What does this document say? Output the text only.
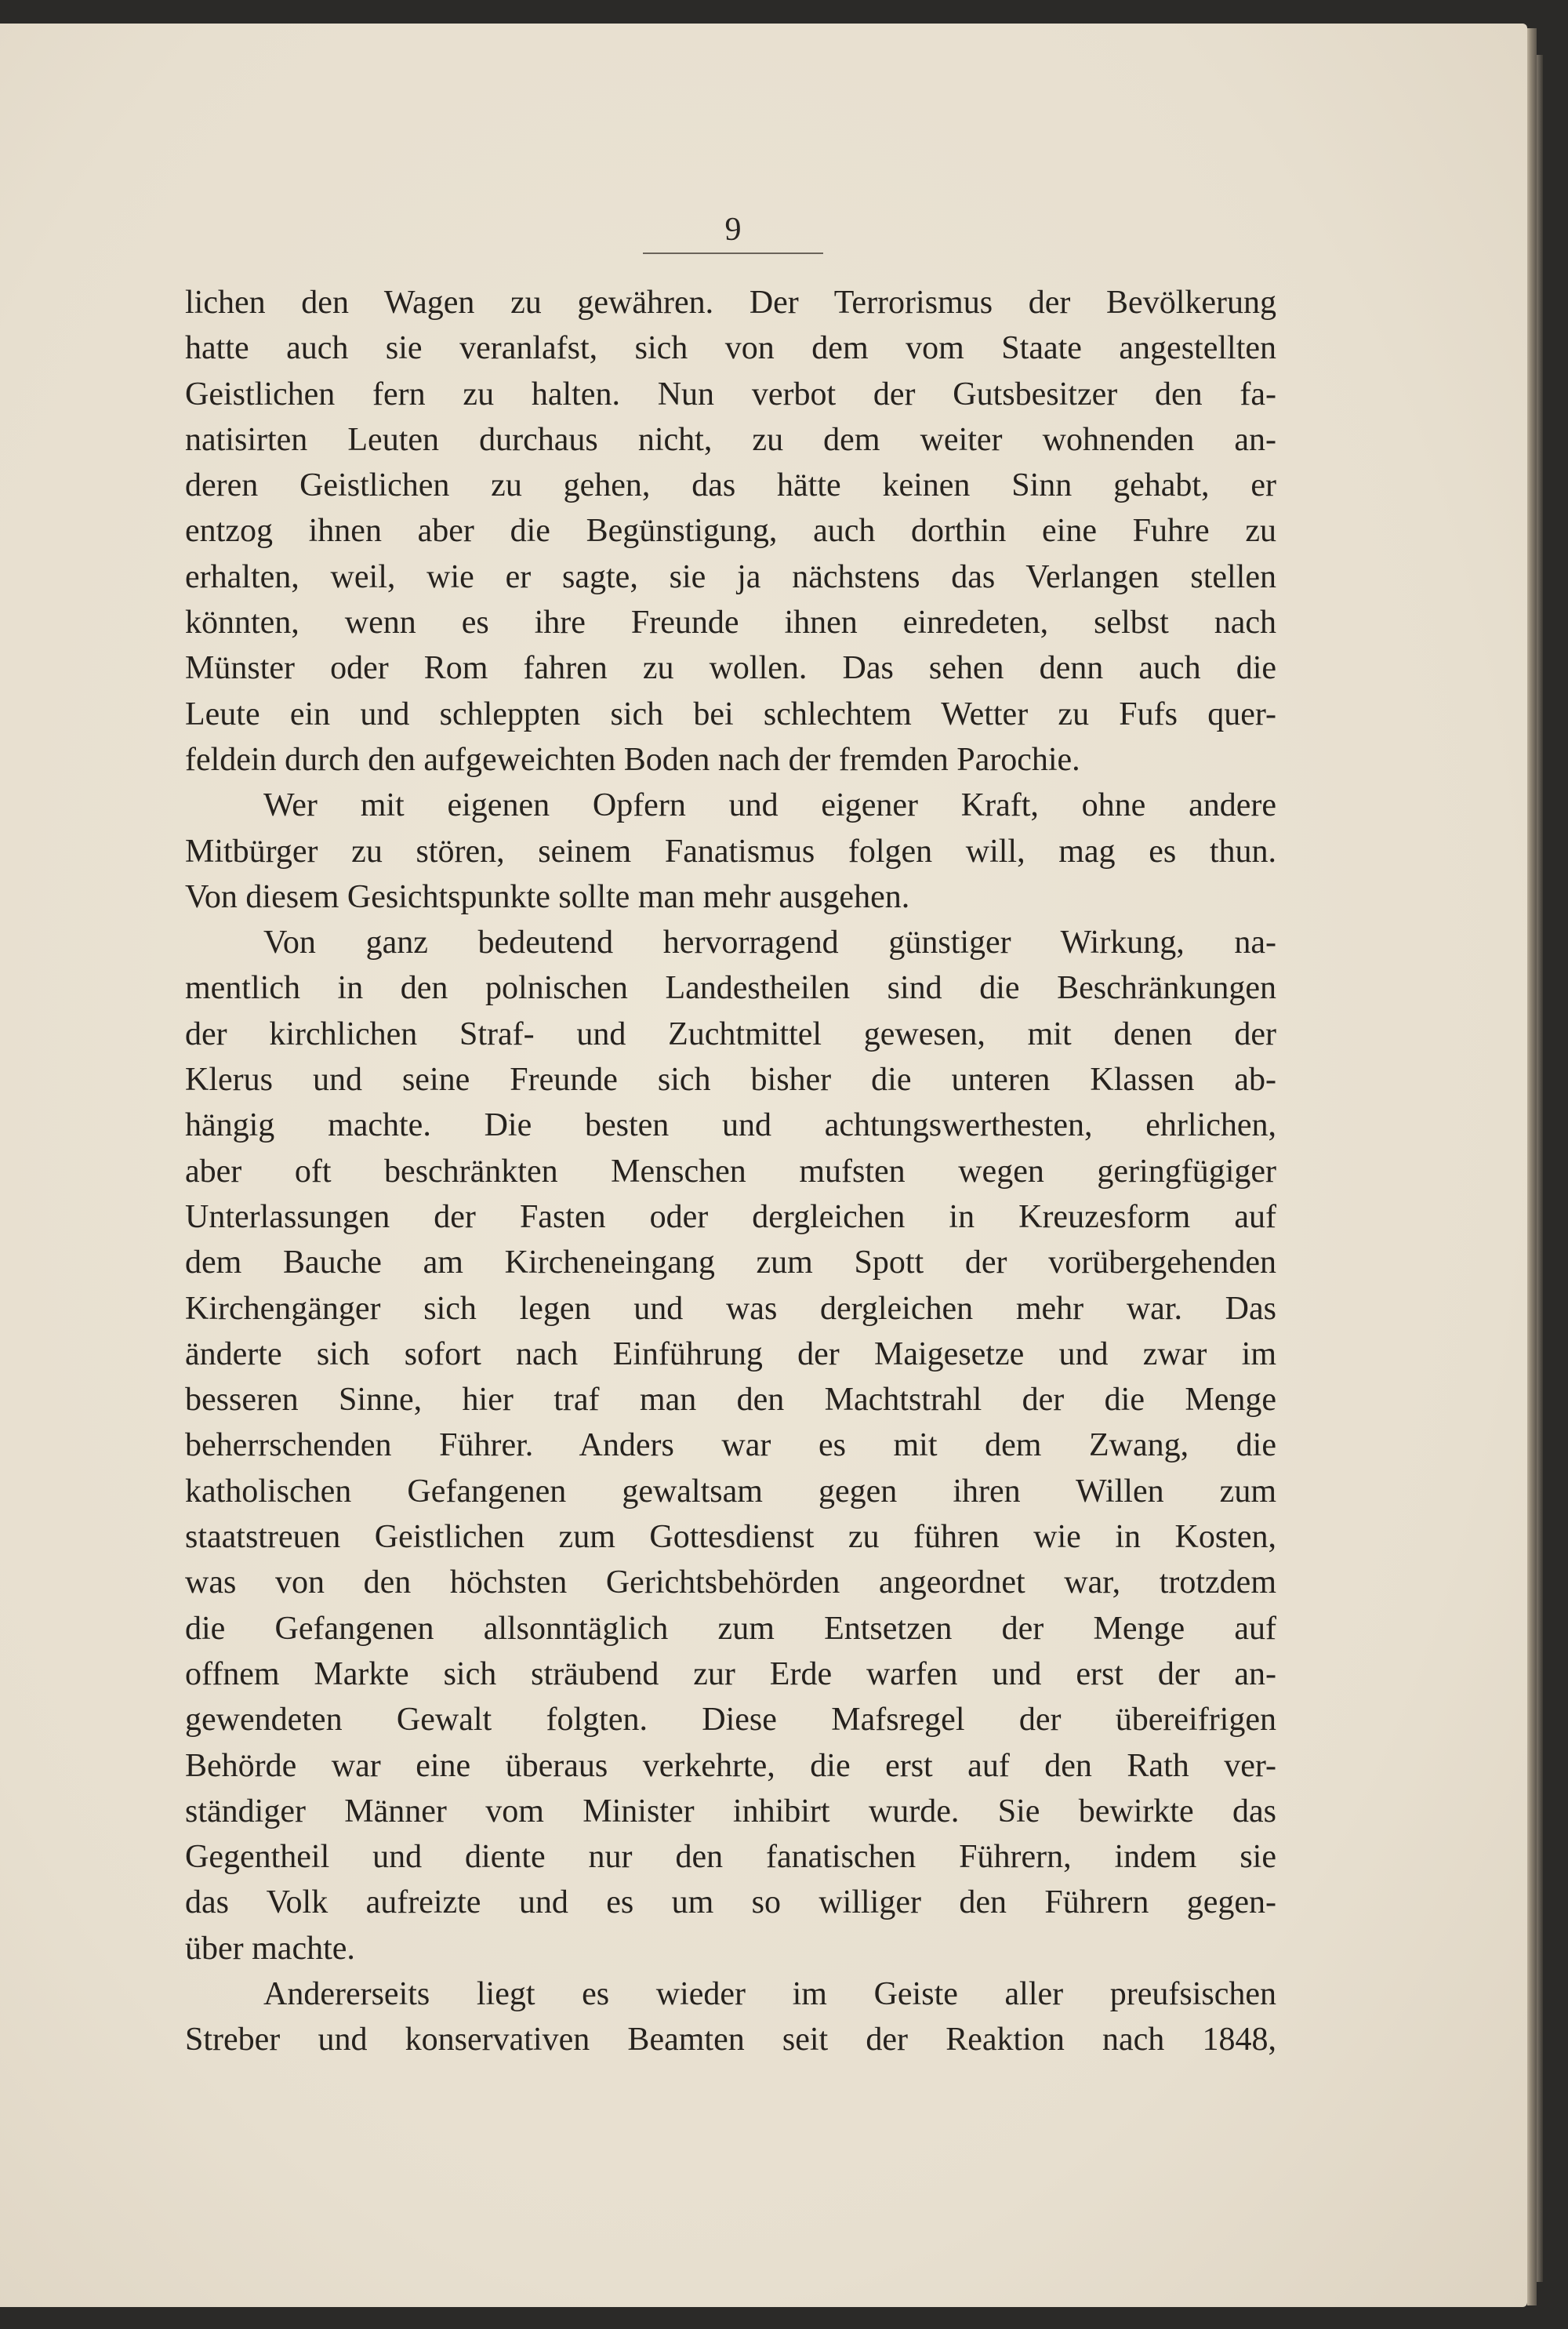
9
lichen den Wagen zu gewähren. Der Terrorismus der Bevölkerung
hatte auch sie veranlafst, sich von dem vom Staate angestellten
Geistlichen fern zu halten. Nun verbot der Gutsbesitzer den fa-
natisirten Leuten durchaus nicht, zu dem weiter wohnenden an-
deren Geistlichen zu gehen, das hätte keinen Sinn gehabt, er
entzog ihnen aber die Begünstigung, auch dorthin eine Fuhre zu
erhalten, weil, wie er sagte, sie ja nächstens das Verlangen stellen
könnten, wenn es ihre Freunde ihnen einredeten, selbst nach
Münster oder Rom fahren zu wollen. Das sehen denn auch die
Leute ein und schleppten sich bei schlechtem Wetter zu Fufs quer-
feldein durch den aufgeweichten Boden nach der fremden Parochie.
Wer mit eigenen Opfern und eigener Kraft, ohne andere
Mitbürger zu stören, seinem Fanatismus folgen will, mag es thun.
Von diesem Gesichtspunkte sollte man mehr ausgehen.
Von ganz bedeutend hervorragend günstiger Wirkung, na-
mentlich in den polnischen Landestheilen sind die Beschränkungen
der kirchlichen Straf- und Zuchtmittel gewesen, mit denen der
Klerus und seine Freunde sich bisher die unteren Klassen ab-
hängig machte. Die besten und achtungswerthesten, ehrlichen,
aber oft beschränkten Menschen mufsten wegen geringfügiger
Unterlassungen der Fasten oder dergleichen in Kreuzesform auf
dem Bauche am Kircheneingang zum Spott der vorübergehenden
Kirchengänger sich legen und was dergleichen mehr war. Das
änderte sich sofort nach Einführung der Maigesetze und zwar im
besseren Sinne, hier traf man den Machtstrahl der die Menge
beherrschenden Führer. Anders war es mit dem Zwang, die
katholischen Gefangenen gewaltsam gegen ihren Willen zum
staatstreuen Geistlichen zum Gottesdienst zu führen wie in Kosten,
was von den höchsten Gerichtsbehörden angeordnet war, trotzdem
die Gefangenen allsonntäglich zum Entsetzen der Menge auf
offnem Markte sich sträubend zur Erde warfen und erst der an-
gewendeten Gewalt folgten. Diese Mafsregel der übereifrigen
Behörde war eine überaus verkehrte, die erst auf den Rath ver-
ständiger Männer vom Minister inhibirt wurde. Sie bewirkte das
Gegentheil und diente nur den fanatischen Führern, indem sie
das Volk aufreizte und es um so williger den Führern gegen-
über machte.
Andererseits liegt es wieder im Geiste aller preufsischen
Streber und konservativen Beamten seit der Reaktion nach 1848,
